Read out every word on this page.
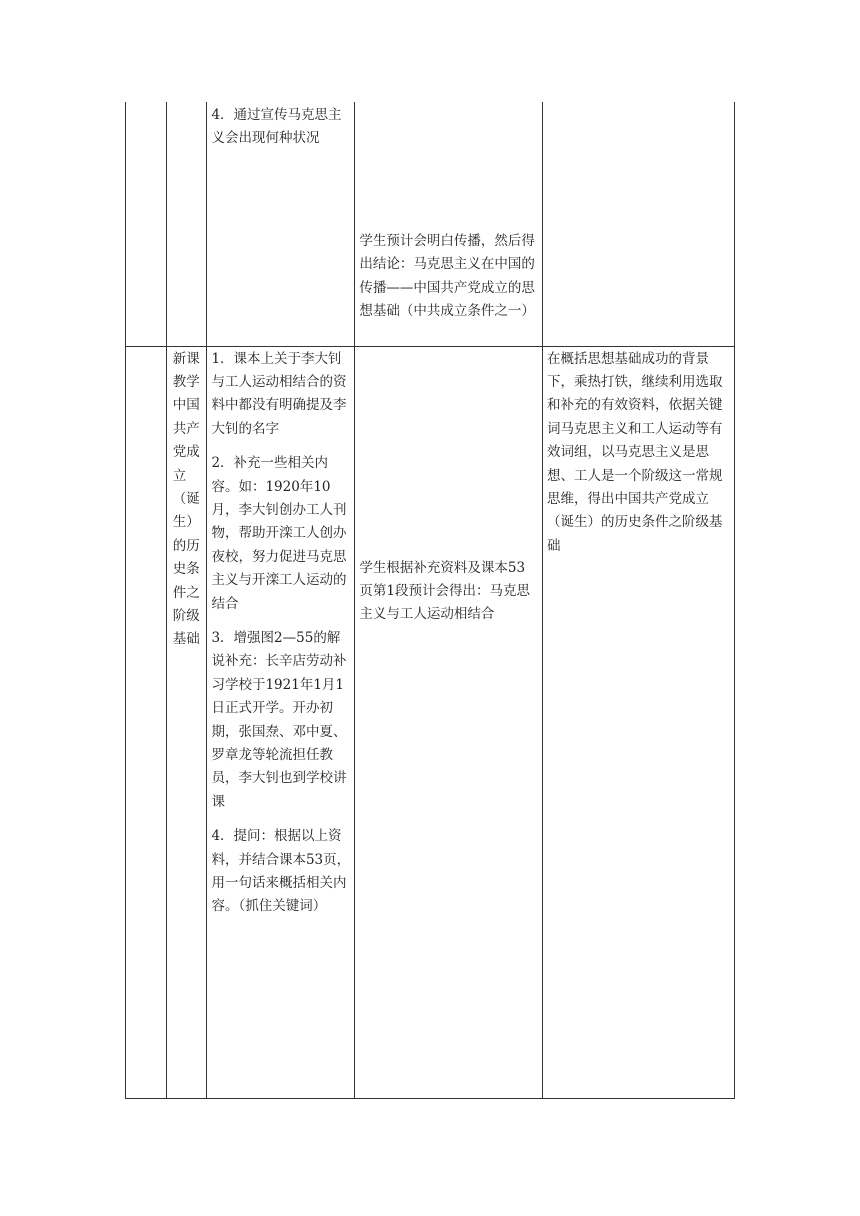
		4．通过宣传马克思主义会出现何种状况	学生预计会明白传播，然后得出结论：马克思主义在中国的传播——中国共产党成立的思想基础（中共成立条件之一）	

	新课教学中国共产党成立（诞生）的历史条件之阶级基础	1．课本上关于李大钊与工人运动相结合的资料中都没有明确提及李大钊的名字

2．补充一些相关内容。如：1920年10月，李大钊创办工人刊物，帮助开滦工人创办夜校，努力促进马克思主义与开滦工人运动的结合

3．增强图2—55的解说补充：长辛店劳动补习学校于1921年1月1日正式开学。开办初期，张国焘、邓中夏、罗章龙等轮流担任教员，李大钊也到学校讲课

4．提问：根据以上资料，并结合课本53页，用一句话来概括相关内容。（抓住关键词）	学生根据补充资料及课本53页第1段预计会得出：马克思主义与工人运动相结合	在概括思想基础成功的背景下，乘热打铁，继续利用选取和补充的有效资料，依据关键词马克思主义和工人运动等有效词组，以马克思主义是思想、工人是一个阶级这一常规思维，得出中国共产党成立（诞生）的历史条件之阶级基础
